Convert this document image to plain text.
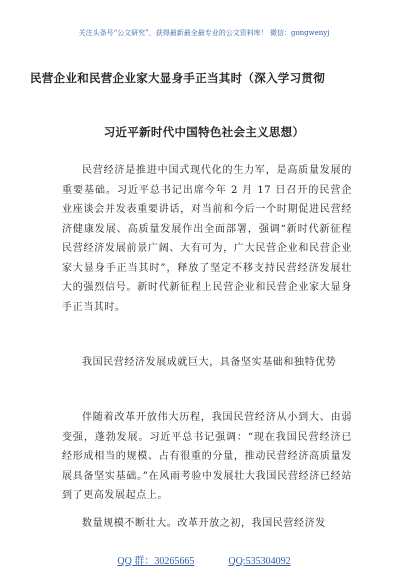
关注头条号“公文研究”，获得最新最全最专业的公文资料库！ 微信：gongwenyj
民营企业和民营企业家大显身手正当其时（深入学习贯彻
习近平新时代中国特色社会主义思想）

民营经济是推进中国式现代化的生力军，是高质量发展的重要基础。习近平总书记出席今年 2 月 17 日召开的民营企业座谈会并发表重要讲话，对当前和今后一个时期促进民营经济健康发展、高质量发展作出全面部署，强调“新时代新征程民营经济发展前景广阔、大有可为，广大民营企业和民营企业家大显身手正当其时”，释放了坚定不移支持民营经济发展壮大的强烈信号。新时代新征程上民营企业和民营企业家大显身手正当其时。

我国民营经济发展成就巨大，具备坚实基础和独特优势

伴随着改革开放伟大历程，我国民营经济从小到大、由弱变强，蓬勃发展。习近平总书记强调：“现在我国民营经济已经形成相当的规模、占有很重的分量，推动民营经济高质量发展具备坚实基础。”在风雨考验中发展壮大我国民营经济已经站到了更高发展起点上。

数量规模不断壮大。改革开放之初，我国民营经济发

QQ 群：30265665	QQ:535304092
